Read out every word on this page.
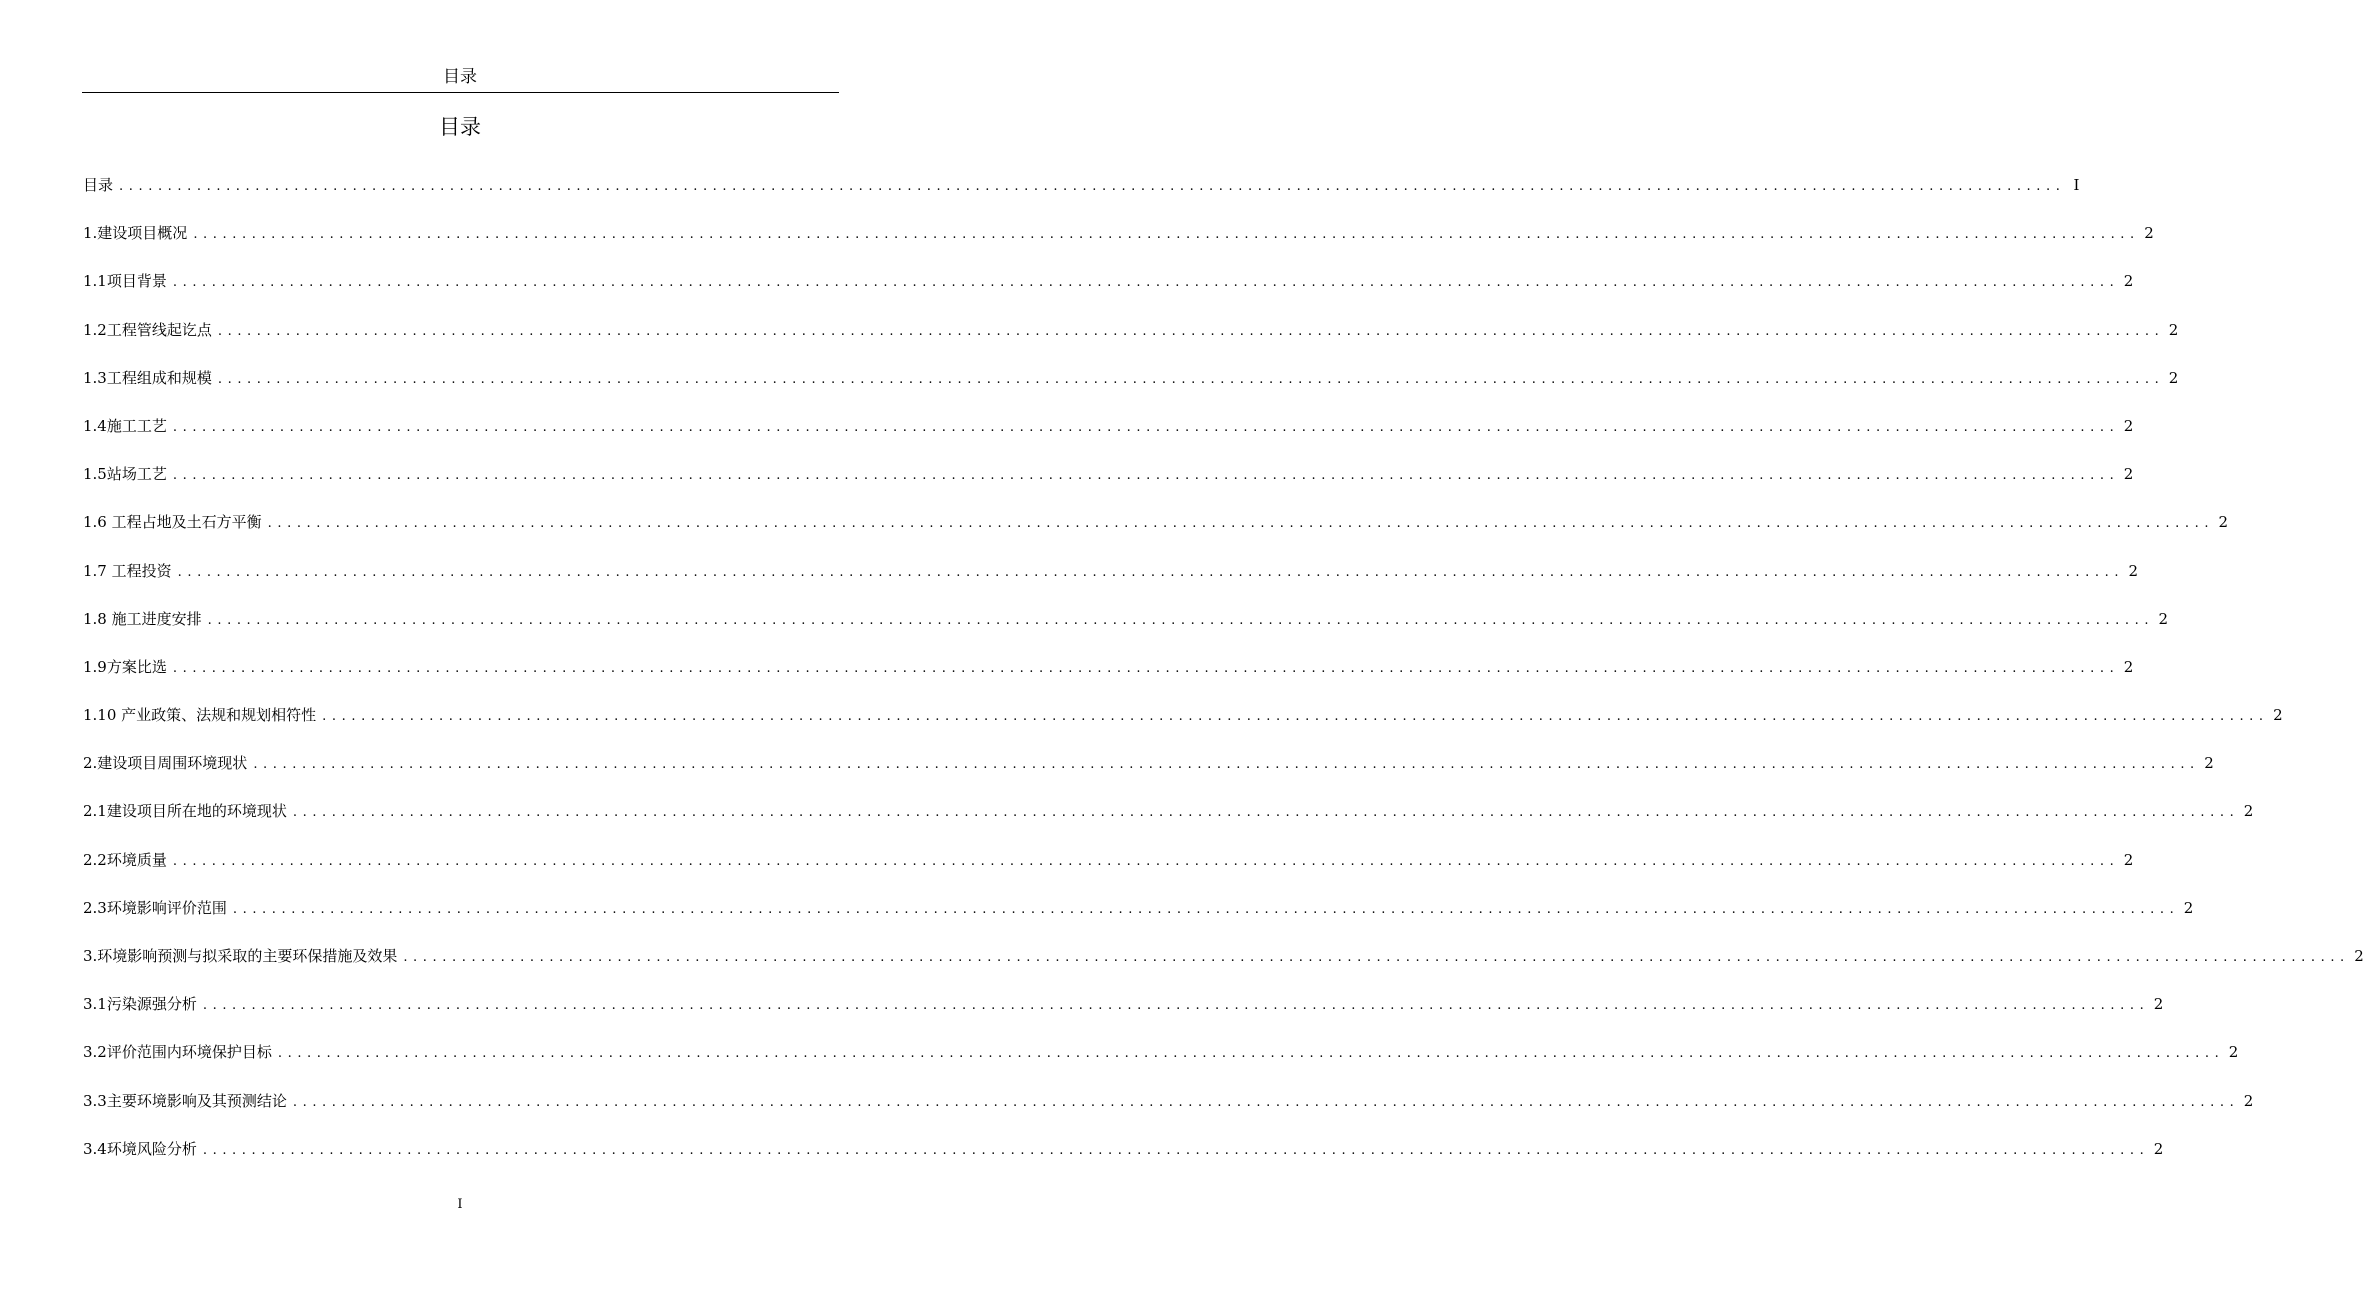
目录
目录
目录 ........................................................................................................................................................................................................ I
1.建设项目概况 ........................................................................................................................................................................................................ 2
1.1项目背景 ........................................................................................................................................................................................................ 2
1.2工程管线起讫点 ........................................................................................................................................................................................................ 2
1.3工程组成和规模 ........................................................................................................................................................................................................ 2
1.4施工工艺 ........................................................................................................................................................................................................ 2
1.5站场工艺 ........................................................................................................................................................................................................ 2
1.6 工程占地及土石方平衡 ........................................................................................................................................................................................................ 2
1.7 工程投资 ........................................................................................................................................................................................................ 2
1.8 施工进度安排 ........................................................................................................................................................................................................ 2
1.9方案比选 ........................................................................................................................................................................................................ 2
1.10 产业政策、法规和规划相符性 ........................................................................................................................................................................................................ 2
2.建设项目周围环境现状 ........................................................................................................................................................................................................ 2
2.1建设项目所在地的环境现状 ........................................................................................................................................................................................................ 2
2.2环境质量 ........................................................................................................................................................................................................ 2
2.3环境影响评价范围 ........................................................................................................................................................................................................ 2
3.环境影响预测与拟采取的主要环保措施及效果 ........................................................................................................................................................................................................ 2
3.1污染源强分析 ........................................................................................................................................................................................................ 2
3.2评价范围内环境保护目标 ........................................................................................................................................................................................................ 2
3.3主要环境影响及其预测结论 ........................................................................................................................................................................................................ 2
3.4环境风险分析 ........................................................................................................................................................................................................ 2
I
